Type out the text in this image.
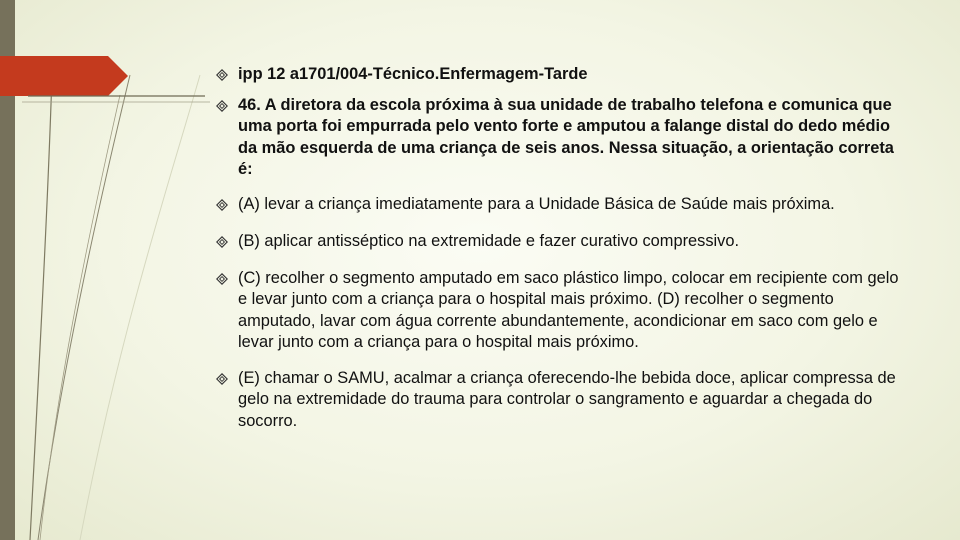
ipp 12 a1701/004-Técnico.Enfermagem-Tarde
46. A diretora da escola próxima à sua unidade de trabalho telefona e comunica que uma porta foi empurrada pelo vento forte e amputou a falange distal do dedo médio da mão esquerda de uma criança de seis anos. Nessa situação, a orientação correta é:
(A) levar a criança imediatamente para a Unidade Básica de Saúde mais próxima.
(B) aplicar antisséptico na extremidade e fazer curativo compressivo.
(C) recolher o segmento amputado em saco plástico limpo, colocar em recipiente com gelo e levar junto com a criança para o hospital mais próximo. (D) recolher o segmento amputado, lavar com água corrente abundantemente, acondicionar em saco com gelo e levar junto com a criança para o hospital mais próximo.
(E) chamar o SAMU, acalmar a criança oferecendo-lhe bebida doce, aplicar compressa de gelo na extremidade do trauma para controlar o sangramento e aguardar a chegada do socorro.
